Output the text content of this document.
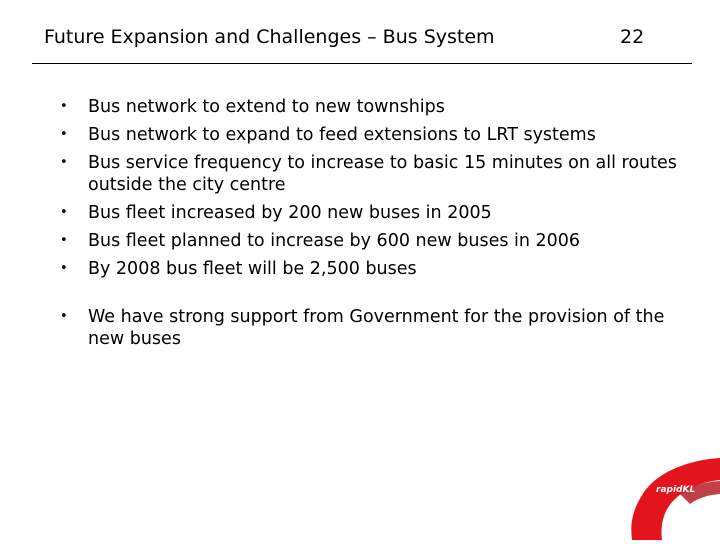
Future Expansion and Challenges – Bus System	22
• Bus network to extend to new townships
• Bus network to expand to feed extensions to LRT systems
• Bus service frequency to increase to basic 15 minutes on all routes outside the city centre
• Bus fleet increased by 200 new buses in 2005
• Bus fleet planned to increase by 600 new buses in 2006
• By 2008 bus fleet will be 2,500 buses
• We have strong support from Government for the provision of the new buses
rapidKL
